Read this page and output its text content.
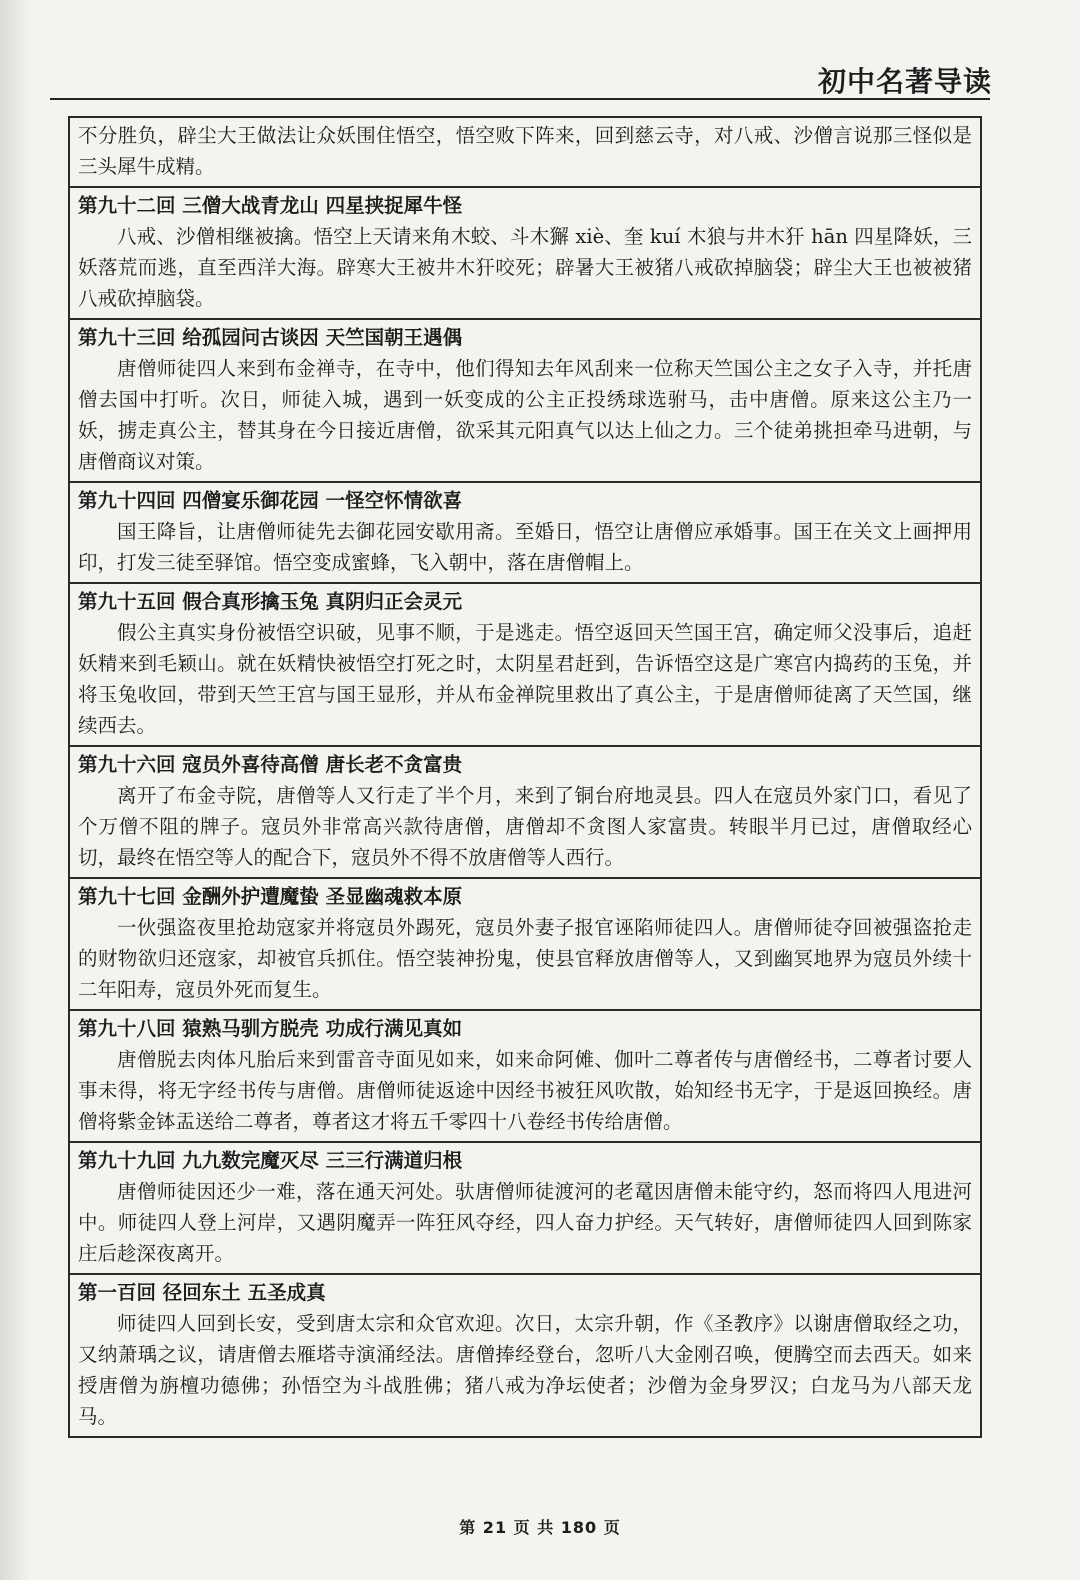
初中名著导读
不分胜负，辟尘大王做法让众妖围住悟空，悟空败下阵来，回到慈云寺，对八戒、沙僧言说那三怪似是三头犀牛成精。
第九十二回 三僧大战青龙山 四星挟捉犀牛怪
八戒、沙僧相继被擒。悟空上天请来角木蛟、斗木獬 xiè、奎 kuí 木狼与井木犴 hān 四星降妖，三妖落荒而逃，直至西洋大海。辟寒大王被井木犴咬死；辟暑大王被猪八戒砍掉脑袋；辟尘大王也被被猪八戒砍掉脑袋。
第九十三回 给孤园问古谈因 天竺国朝王遇偶
唐僧师徒四人来到布金禅寺，在寺中，他们得知去年风刮来一位称天竺国公主之女子入寺，并托唐僧去国中打听。次日，师徒入城，遇到一妖变成的公主正投绣球选驸马，击中唐僧。原来这公主乃一妖，掳走真公主，替其身在今日接近唐僧，欲采其元阳真气以达上仙之力。三个徒弟挑担牵马进朝，与唐僧商议对策。
第九十四回 四僧宴乐御花园 一怪空怀情欲喜
国王降旨，让唐僧师徒先去御花园安歇用斋。至婚日，悟空让唐僧应承婚事。国王在关文上画押用印，打发三徒至驿馆。悟空变成蜜蜂，飞入朝中，落在唐僧帽上。
第九十五回 假合真形擒玉兔 真阴归正会灵元
假公主真实身份被悟空识破，见事不顺，于是逃走。悟空返回天竺国王宫，确定师父没事后，追赶妖精来到毛颖山。就在妖精快被悟空打死之时，太阴星君赶到，告诉悟空这是广寒宫内捣药的玉兔，并将玉兔收回，带到天竺王宫与国王显形，并从布金禅院里救出了真公主，于是唐僧师徒离了天竺国，继续西去。
第九十六回 寇员外喜待高僧 唐长老不贪富贵
离开了布金寺院，唐僧等人又行走了半个月，来到了铜台府地灵县。四人在寇员外家门口，看见了个万僧不阻的牌子。寇员外非常高兴款待唐僧，唐僧却不贪图人家富贵。转眼半月已过，唐僧取经心切，最终在悟空等人的配合下，寇员外不得不放唐僧等人西行。
第九十七回 金酬外护遭魔蛰 圣显幽魂救本原
一伙强盗夜里抢劫寇家并将寇员外踢死，寇员外妻子报官诬陷师徒四人。唐僧师徒夺回被强盗抢走的财物欲归还寇家，却被官兵抓住。悟空装神扮鬼，使县官释放唐僧等人，又到幽冥地界为寇员外续十二年阳寿，寇员外死而复生。
第九十八回 猿熟马驯方脱壳 功成行满见真如
唐僧脱去肉体凡胎后来到雷音寺面见如来，如来命阿傩、伽叶二尊者传与唐僧经书，二尊者讨要人事未得，将无字经书传与唐僧。唐僧师徒返途中因经书被狂风吹散，始知经书无字，于是返回换经。唐僧将紫金钵盂送给二尊者，尊者这才将五千零四十八卷经书传给唐僧。
第九十九回 九九数完魔灭尽 三三行满道归根
唐僧师徒因还少一难，落在通天河处。驮唐僧师徒渡河的老鼋因唐僧未能守约，怒而将四人甩进河中。师徒四人登上河岸，又遇阴魔弄一阵狂风夺经，四人奋力护经。天气转好，唐僧师徒四人回到陈家庄后趁深夜离开。
第一百回 径回东土 五圣成真
师徒四人回到长安，受到唐太宗和众官欢迎。次日，太宗升朝，作《圣教序》以谢唐僧取经之功，又纳萧瑀之议，请唐僧去雁塔寺演涌经法。唐僧捧经登台，忽听八大金刚召唤，便腾空而去西天。如来授唐僧为旃檀功德佛；孙悟空为斗战胜佛；猪八戒为净坛使者；沙僧为金身罗汉；白龙马为八部天龙马。
第 21 页 共 180 页
